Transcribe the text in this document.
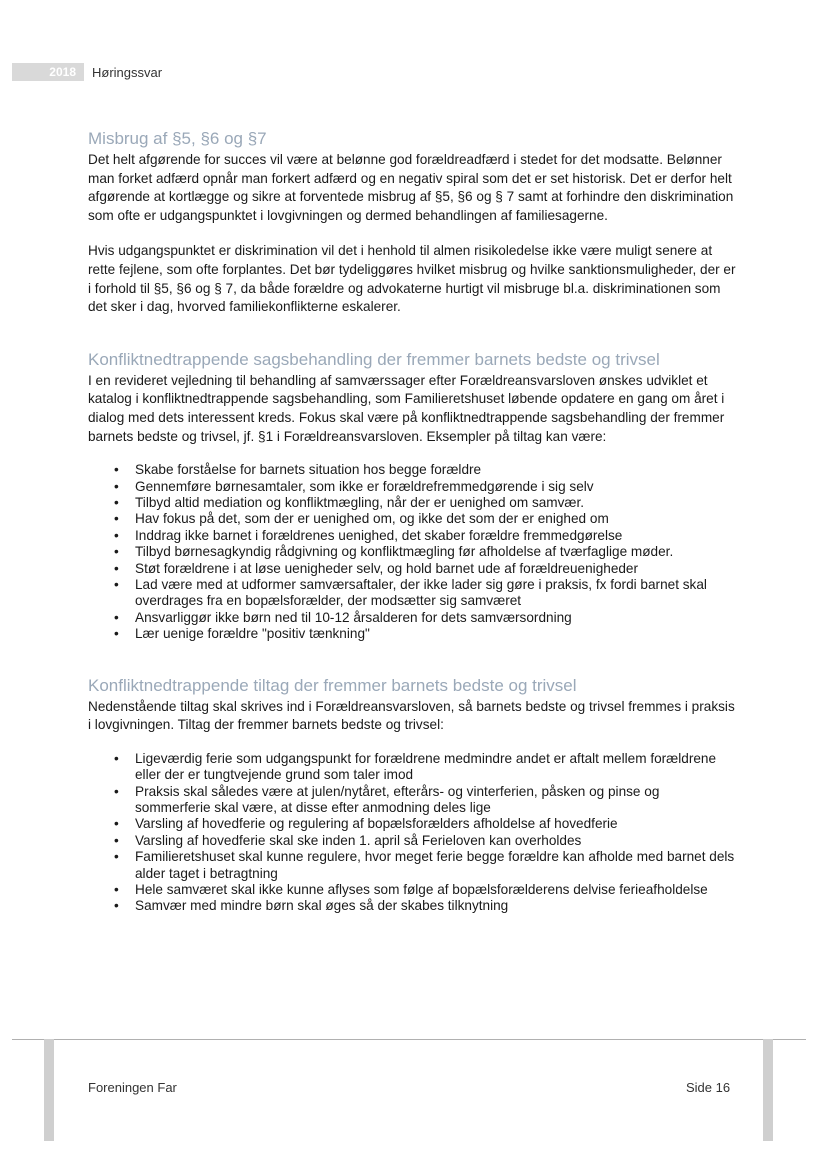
2018	Høringssvar
Misbrug af §5, §6 og §7

Det helt afgørende for succes vil være at belønne god forældreadfærd i stedet for det modsatte. Belønner man forket adfærd opnår man forkert adfærd og en negativ spiral som det er set historisk. Det er derfor helt afgørende at kortlægge og sikre at forventede misbrug af §5, §6 og § 7 samt at forhindre den diskrimination som ofte er udgangspunktet i lovgivningen og dermed behandlingen af familiesagerne.

Hvis udgangspunktet er diskrimination vil det i henhold til almen risikoledelse ikke være muligt senere at rette fejlene, som ofte forplantes. Det bør tydeliggøres hvilket misbrug og hvilke sanktionsmuligheder, der er i forhold til §5, §6 og § 7, da både forældre og advokaterne hurtigt vil misbruge bl.a. diskriminationen som det sker i dag, hvorved familiekonflikterne eskalerer.

Konfliktnedtrappende sagsbehandling der fremmer barnets bedste og trivsel

I en revideret vejledning til behandling af samværssager efter Forældreansvarsloven ønskes udviklet et katalog i konfliktnedtrappende sagsbehandling, som Familieretshuset løbende opdatere en gang om året i dialog med dets interessent kreds. Fokus skal være på konfliktnedtrappende sagsbehandling der fremmer barnets bedste og trivsel, jf. §1 i Forældreansvarsloven. Eksempler på tiltag kan være:

• Skabe forståelse for barnets situation hos begge forældre
• Gennemføre børnesamtaler, som ikke er forældrefremmedgørende i sig selv
• Tilbyd altid mediation og konfliktmægling, når der er uenighed om samvær.
• Hav fokus på det, som der er uenighed om, og ikke det som der er enighed om
• Inddrag ikke barnet i forældrenes uenighed, det skaber forældre fremmedgørelse
• Tilbyd børnesagkyndig rådgivning og konfliktmægling før afholdelse af tværfaglige møder.
• Støt forældrene i at løse uenigheder selv, og hold barnet ude af forældreuenigheder
• Lad være med at udformer samværsaftaler, der ikke lader sig gøre i praksis, fx fordi barnet skal overdrages fra en bopælsforælder, der modsætter sig samværet
• Ansvarliggør ikke børn ned til 10-12 årsalderen for dets samværsordning
• Lær uenige forældre "positiv tænkning"
Konfliktnedtrappende tiltag der fremmer barnets bedste og trivsel

Nedenstående tiltag skal skrives ind i Forældreansvarsloven, så barnets bedste og trivsel fremmes i praksis i lovgivningen. Tiltag der fremmer barnets bedste og trivsel:

• Ligeværdig ferie som udgangspunkt for forældrene medmindre andet er aftalt mellem forældrene eller der er tungtvejende grund som taler imod
• Praksis skal således være at julen/nytåret, efterårs- og vinterferien, påsken og pinse og sommerferie skal være, at disse efter anmodning deles lige
• Varsling af hovedferie og regulering af bopælsforælders afholdelse af hovedferie
• Varsling af hovedferie skal ske inden 1. april så Ferieloven kan overholdes
• Familieretshuset skal kunne regulere, hvor meget ferie begge forældre kan afholde med barnet dels alder taget i betragtning
• Hele samværet skal ikke kunne aflyses som følge af bopælsforælderens delvise ferieafholdelse
• Samvær med mindre børn skal øges så der skabes tilknytning
Foreningen Far	Side 16
